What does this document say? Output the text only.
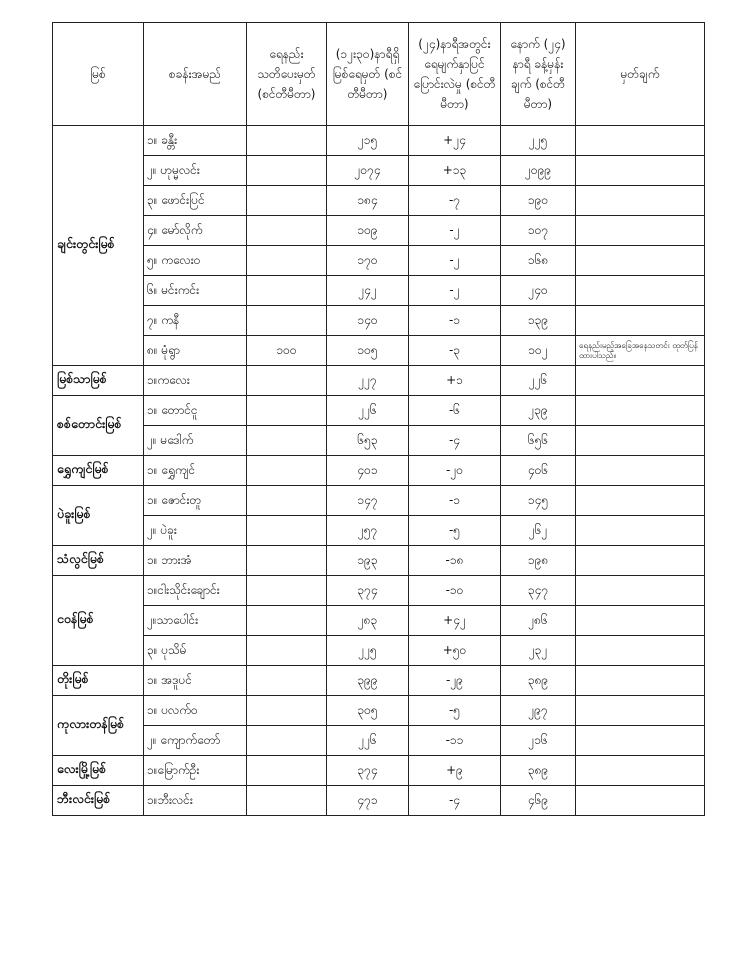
မြစ်	စခန်းအမည်	ရေနည်း သတိပေးမှတ် (စင်တီမီတာ)	(၁၂း၃၀)နာရီရှိ မြစ်ရေမှတ် (စင်တီမီတာ)	(၂၄)နာရီအတွင်း ရေမျက်နှာပြင် ပြောင်းလဲမှု (စင်တီမီတာ)	နောက် (၂၄) နာရီ ခန့်မှန်းချက် (စင်တီမီတာ)	မှတ်ချက်
ချင်းတွင်းမြစ်	၁။ ခန္တီး		၂၁၅	+၂၄	၂၂၅	
	၂။ ဟုမ္မလင်း		၂၀၇၄	+၁၃	၂၀၉၉	
	၃။ ဖောင်းပြင်		၁၈၄	-၇	၁၉၀	
	၄။ မော်လိုက်		၁၀၉	-၂	၁၀၇	
	၅။ ကလေးဝ		၁၇၀	-၂	၁၆၈	
	၆။ မင်းကင်း		၂၄၂	-၂	၂၄၀	
	၇။ ကနီ		၁၄၀	-၁	၁၃၉	
	၈။ မုံရွာ	၁၀၀	၁၀၅	-၃	၁၀၂	ရေနည်းမည့်အခြေအနေသတင်း ထုတ်ပြန်ထားပါသည်။
မြစ်သာမြစ်	၁။ကလေး		၂၂၇	+၁	၂၂၆	
စစ်တောင်းမြစ်	၁။ တောင်ငူ		၂၂၆	-၆	၂၃၉	
	၂။ မဒေါက်		၆၅၃	-၄	၆၅၆	
ရွှေကျင်မြစ်	၁။ ရွှေကျင်		၄၀၁	-၂၀	၄၀၆	
ပဲခူးမြစ်	၁။ ဇောင်းတူ		၁၄၇	-၁	၁၄၅	
	၂။ ပဲခူး		၂၅၇	-၅	၂၆၂	
သံလွင်မြစ်	၁။ ဘားအံ		၁၉၃	-၁၈	၁၉၈	
ငဝန်မြစ်	၁။ငါးသိုင်းချောင်း		၃၇၄	-၁၀	၃၄၇	
	၂။သာပေါင်း		၂၈၃	+၄၂	၂၈၆	
	၃။ ပုသိမ်		၂၂၅	+၅၀	၂၃၂	
တိုးမြစ်	၁။ အဒူပင်		၃၉၉	-၂၉	၃၈၉	
ကုလားတန်မြစ်	၁။ ပလက်ဝ		၃၀၅	-၅	၂၉၇	
	၂။ ကျောက်တော်		၂၂၆	-၁၁	၂၁၆	
လေးမြို့မြစ်	၁။မြောက်ဦး		၃၇၄	+၉	၃၈၉	
ဘီးလင်းမြစ်	၁။ဘီးလင်း		၄၇၁	-၄	၄၆၉	
